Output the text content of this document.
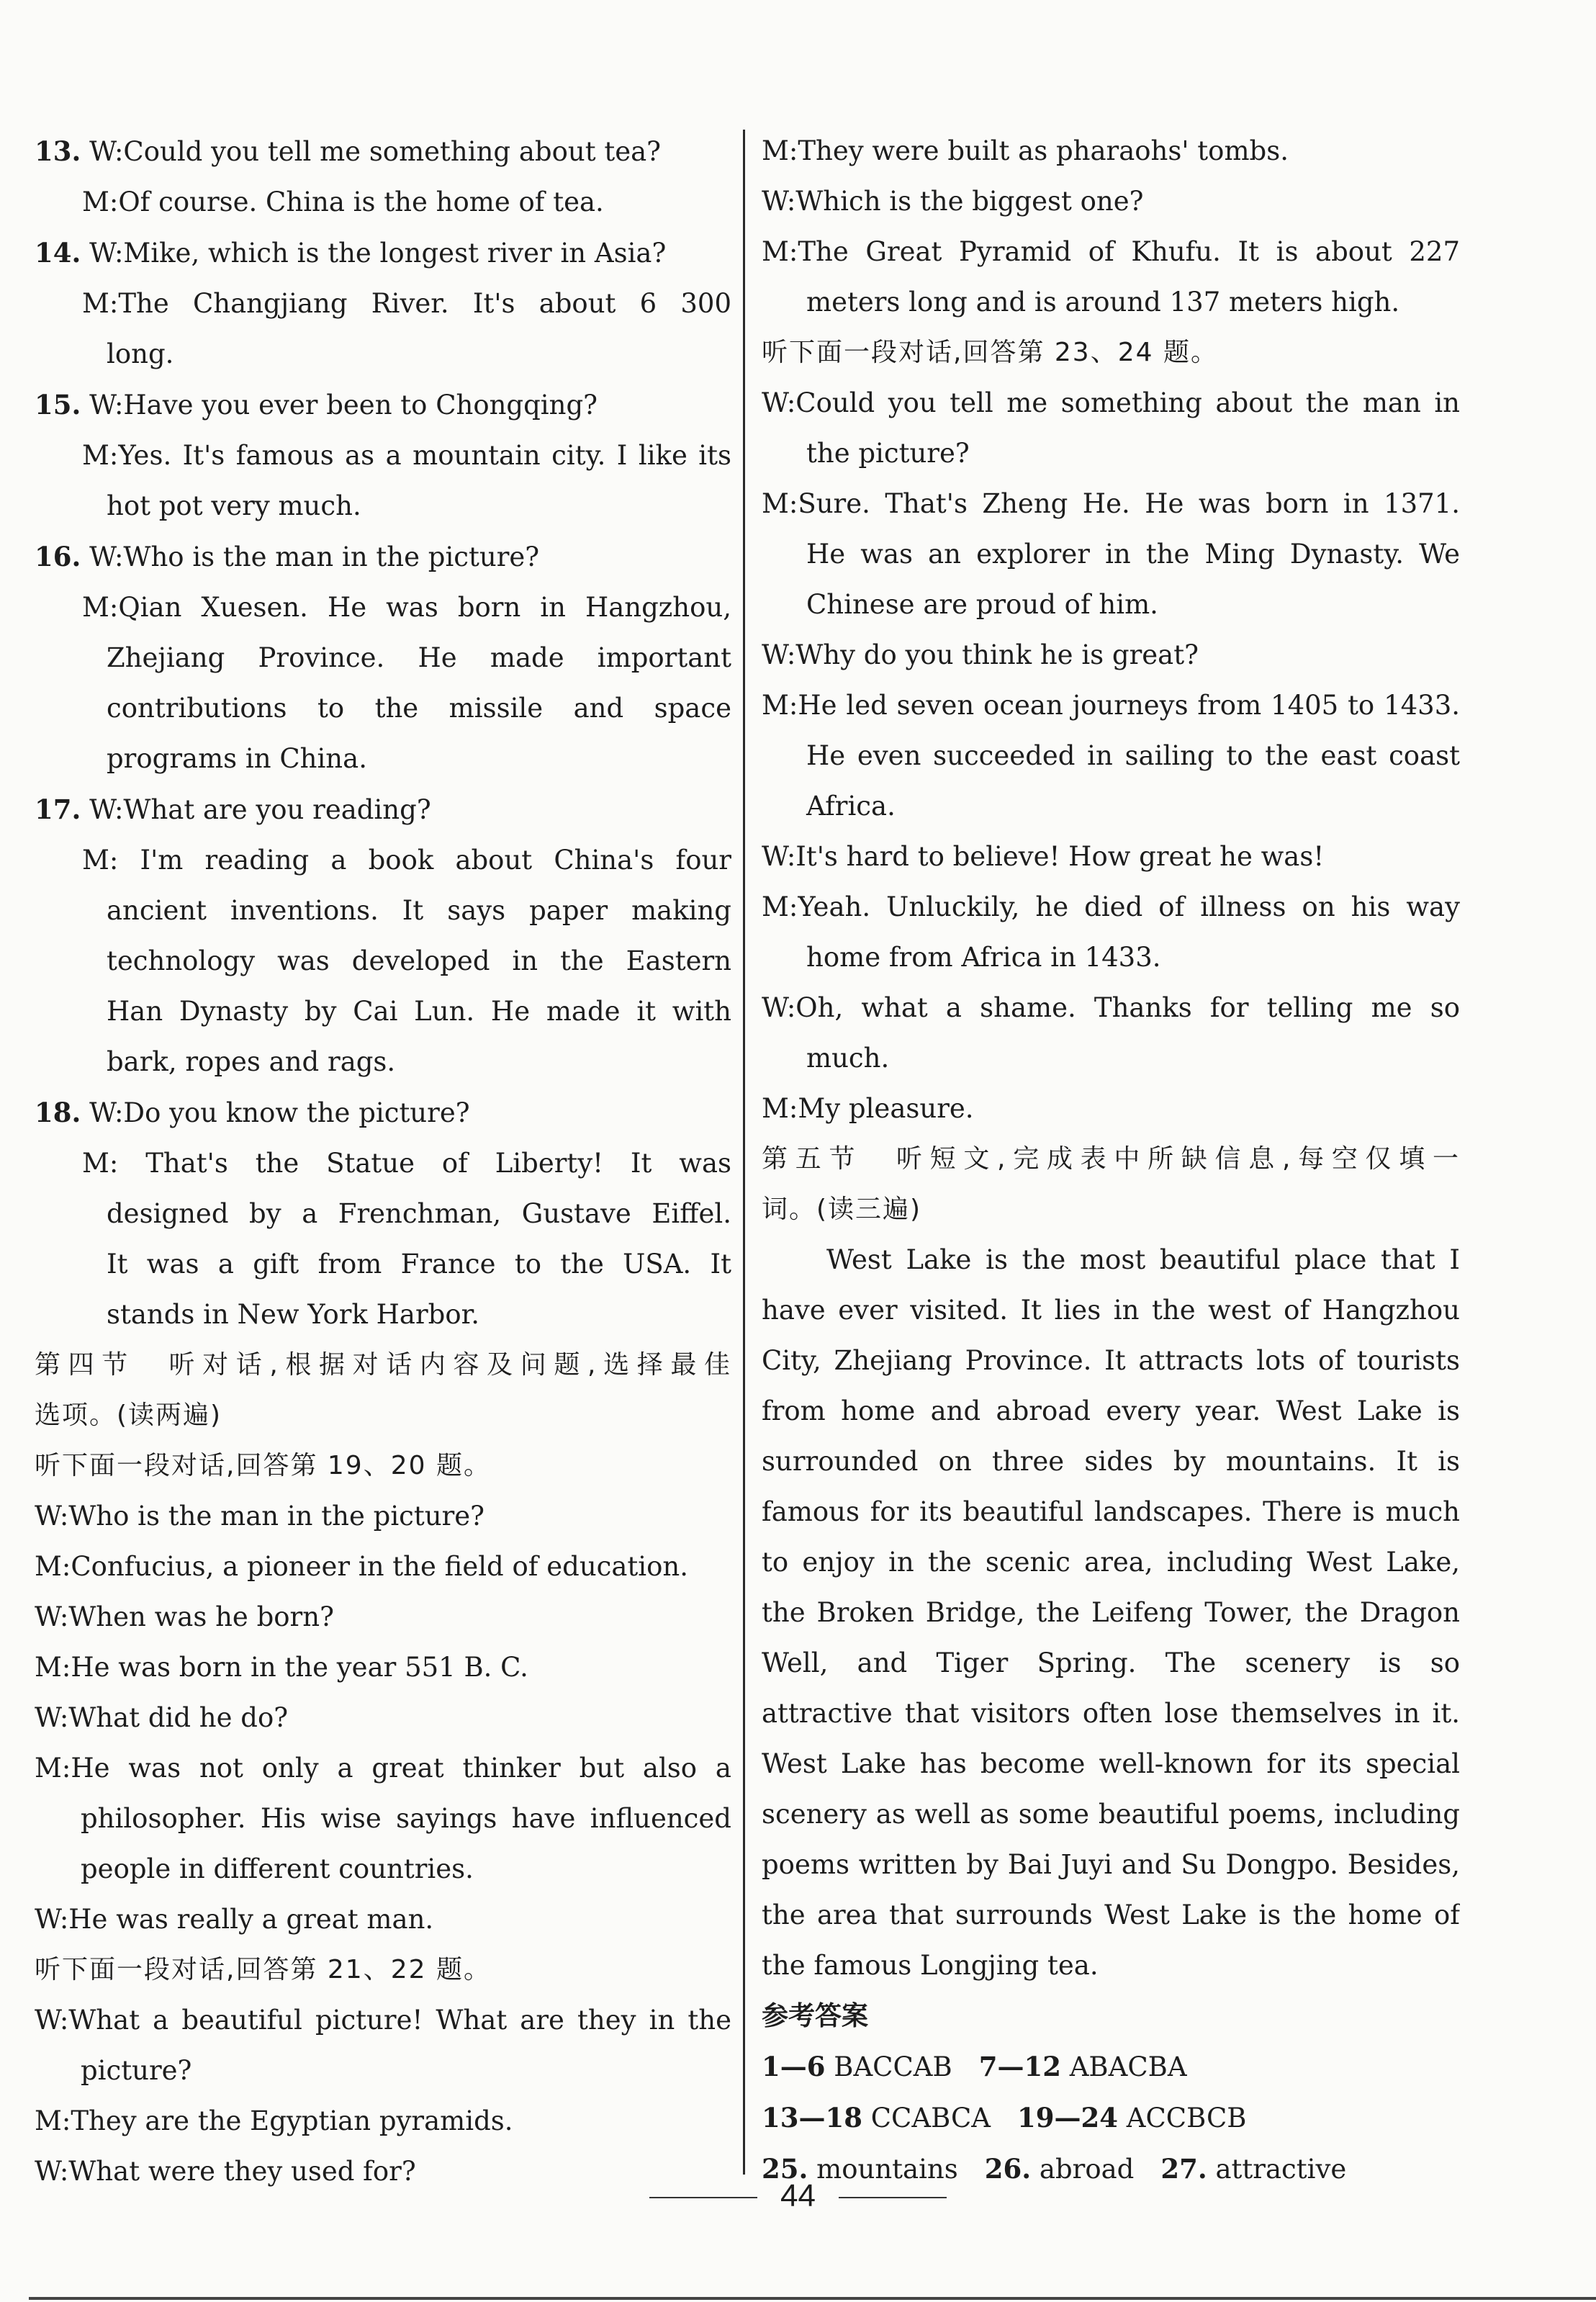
13. W:Could you tell me something about tea?
M:Of course. China is the home of tea.
14. W:Mike, which is the longest river in Asia?
M:The Changjiang River. It's about 6 300
long.
15. W:Have you ever been to Chongqing?
M:Yes. It's famous as a mountain city. I like its
hot pot very much.
16. W:Who is the man in the picture?
M:Qian Xuesen. He was born in Hangzhou,
Zhejiang Province. He made important
contributions to the missile and space
programs in China.
17. W:What are you reading?
M: I'm reading a book about China's four
ancient inventions. It says paper making
technology was developed in the Eastern
Han Dynasty by Cai Lun. He made it with
bark, ropes and rags.
18. W:Do you know the picture?
M: That's the Statue of Liberty! It was
designed by a Frenchman, Gustave Eiffel.
It was a gift from France to the USA. It
stands in New York Harbor.
第四节　听对话,根据对话内容及问题,选择最佳
选项。(读两遍)
听下面一段对话,回答第 19、20 题。
W:Who is the man in the picture?
M:Confucius, a pioneer in the field of education.
W:When was he born?
M:He was born in the year 551 B. C.
W:What did he do?
M:He was not only a great thinker but also a
philosopher. His wise sayings have influenced
people in different countries.
W:He was really a great man.
听下面一段对话,回答第 21、22 题。
W:What a beautiful picture! What are they in the
picture?
M:They are the Egyptian pyramids.
W:What were they used for?
M:They were built as pharaohs' tombs.
W:Which is the biggest one?
M:The Great Pyramid of Khufu. It is about 227
meters long and is around 137 meters high.
听下面一段对话,回答第 23、24 题。
W:Could you tell me something about the man in
the picture?
M:Sure. That's Zheng He. He was born in 1371.
He was an explorer in the Ming Dynasty. We
Chinese are proud of him.
W:Why do you think he is great?
M:He led seven ocean journeys from 1405 to 1433.
He even succeeded in sailing to the east coast
Africa.
W:It's hard to believe! How great he was!
M:Yeah. Unluckily, he died of illness on his way
home from Africa in 1433.
W:Oh, what a shame. Thanks for telling me so
much.
M:My pleasure.
第五节　听短文,完成表中所缺信息,每空仅填一
词。(读三遍)
West Lake is the most beautiful place that I
have ever visited. It lies in the west of Hangzhou
City, Zhejiang Province. It attracts lots of tourists
from home and abroad every year. West Lake is
surrounded on three sides by mountains. It is
famous for its beautiful landscapes. There is much
to enjoy in the scenic area, including West Lake,
the Broken Bridge, the Leifeng Tower, the Dragon
Well, and Tiger Spring. The scenery is so
attractive that visitors often lose themselves in it.
West Lake has become well-known for its special
scenery as well as some beautiful poems, including
poems written by Bai Juyi and Su Dongpo. Besides,
the area that surrounds West Lake is the home of
the famous Longjing tea.
参考答案
1—6 BACCAB  7—12 ABACBA
13—18 CCABCA  19—24 ACCBCB
25. mountains  26. abroad  27. attractive
44
